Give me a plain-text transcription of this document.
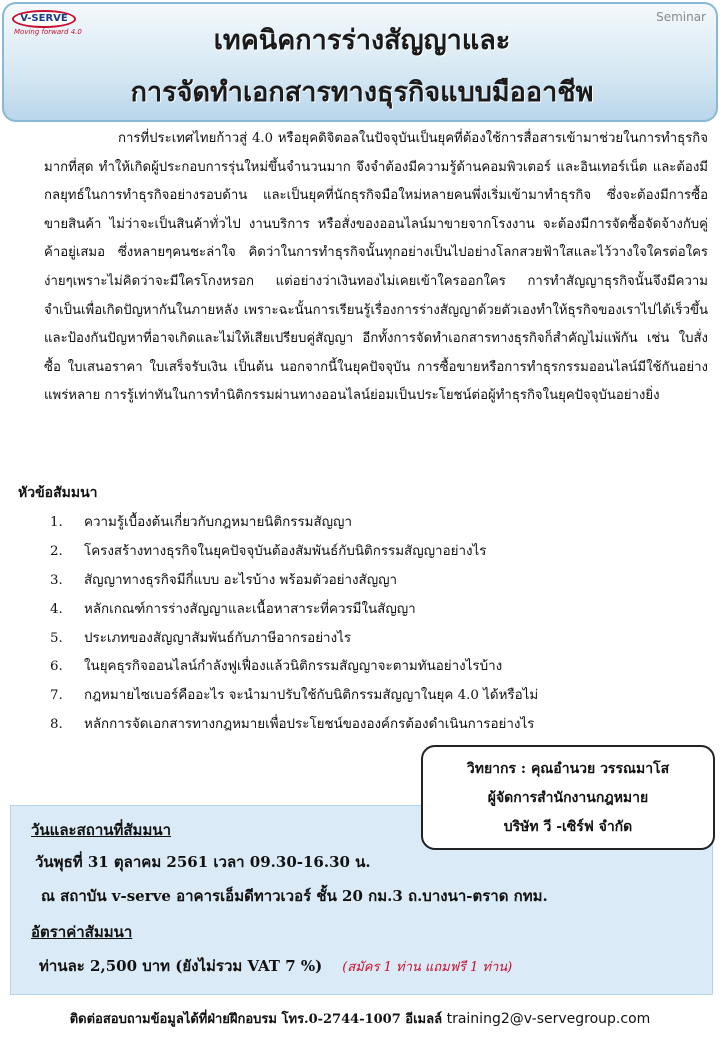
V-SERVE
Moving forward 4.0
Seminar
เทคนิคการร่างสัญญาและ
การจัดทำเอกสารทางธุรกิจแบบมืออาชีพ

การที่ประเทศไทยก้าวสู่ 4.0 หรือยุคดิจิตอลในปัจจุบันเป็นยุคที่ต้องใช้การสื่อสารเข้ามาช่วยในการทำธุรกิจมากที่สุด ทำให้เกิดผู้ประกอบการรุ่นใหม่ขึ้นจำนวนมาก จึงจำต้องมีความรู้ด้านคอมพิวเตอร์ และอินเทอร์เน็ต และต้องมีกลยุทธ์ในการทำธุรกิจอย่างรอบด้าน และเป็นยุคที่นักธุรกิจมือใหม่หลายคนพึ่งเริ่มเข้ามาทำธุรกิจ ซึ่งจะต้องมีการซื้อขายสินค้า ไม่ว่าจะเป็นสินค้าทั่วไป งานบริการ หรือสั่งของออนไลน์มาขายจากโรงงาน จะต้องมีการจัดซื้อจัดจ้างกับคู่ค้าอยู่เสมอ ซึ่งหลายๆคนชะล่าใจ คิดว่าในการทำธุรกิจนั้นทุกอย่างเป็นไปอย่างโลกสวยฟ้าใสและไว้วางใจใครต่อใครง่ายๆเพราะไม่คิดว่าจะมีใครโกงหรอก แต่อย่างว่าเงินทองไม่เคยเข้าใครออกใคร การทำสัญญาธุรกิจนั้นจึงมีความจำเป็นเพื่อเกิดปัญหากันในภายหลัง เพราะฉะนั้นการเรียนรู้เรื่องการร่างสัญญาด้วยตัวเองทำให้ธุรกิจของเราไปได้เร็วขึ้นและป้องกันปัญหาที่อาจเกิดและไม่ให้เสียเปรียบคู่สัญญา อีกทั้งการจัดทำเอกสารทางธุรกิจก็สำคัญไม่แพ้กัน เช่น ใบสั่งซื้อ ใบเสนอราคา ใบเสร็จรับเงิน เป็นต้น นอกจากนี้ในยุคปัจจุบัน การซื้อขายหรือการทำธุรกรรมออนไลน์มีใช้กันอย่างแพร่หลาย การรู้เท่าทันในการทำนิติกรรมผ่านทางออนไลน์ย่อมเป็นประโยชน์ต่อผู้ทำธุรกิจในยุคปัจจุบันอย่างยิ่ง

หัวข้อสัมมนา
1. ความรู้เบื้องต้นเกี่ยวกับกฎหมายนิติกรรมสัญญา
2. โครงสร้างทางธุรกิจในยุคปัจจุบันต้องสัมพันธ์กับนิติกรรมสัญญาอย่างไร
3. สัญญาทางธุรกิจมีกี่แบบ อะไรบ้าง พร้อมตัวอย่างสัญญา
4. หลักเกณฑ์การร่างสัญญาและเนื้อหาสาระที่ควรมีในสัญญา
5. ประเภทของสัญญาสัมพันธ์กับภาษีอากรอย่างไร
6. ในยุคธุรกิจออนไลน์กำลังฟูเฟื่องแล้วนิติกรรมสัญญาจะตามทันอย่างไรบ้าง
7. กฎหมายไซเบอร์คืออะไร จะนำมาปรับใช้กับนิติกรรมสัญญาในยุค 4.0 ได้หรือไม่
8. หลักการจัดเอกสารทางกฎหมายเพื่อประโยชน์ขององค์กรต้องดำเนินการอย่างไร
วันและสถานที่สัมมนา
วันพุธที่ 31 ตุลาคม 2561 เวลา 09.30-16.30 น.
ณ สถาบัน v-serve อาคารเอ็มดีทาวเวอร์ ชั้น 20 กม.3 ถ.บางนา-ตราด กทม.
อัตราค่าสัมมนา
ท่านละ 2,500 บาท (ยังไม่รวม VAT 7 %) (สมัคร 1 ท่าน แถมฟรี 1 ท่าน)
วิทยากร : คุณอำนวย วรรณมาโส
ผู้จัดการสำนักงานกฎหมาย
บริษัท วี -เซิร์ฟ จำกัด
ติดต่อสอบถามข้อมูลได้ที่ฝ่ายฝึกอบรม โทร.0-2744-1007 อีเมลล์ training2@v-servegroup.com
